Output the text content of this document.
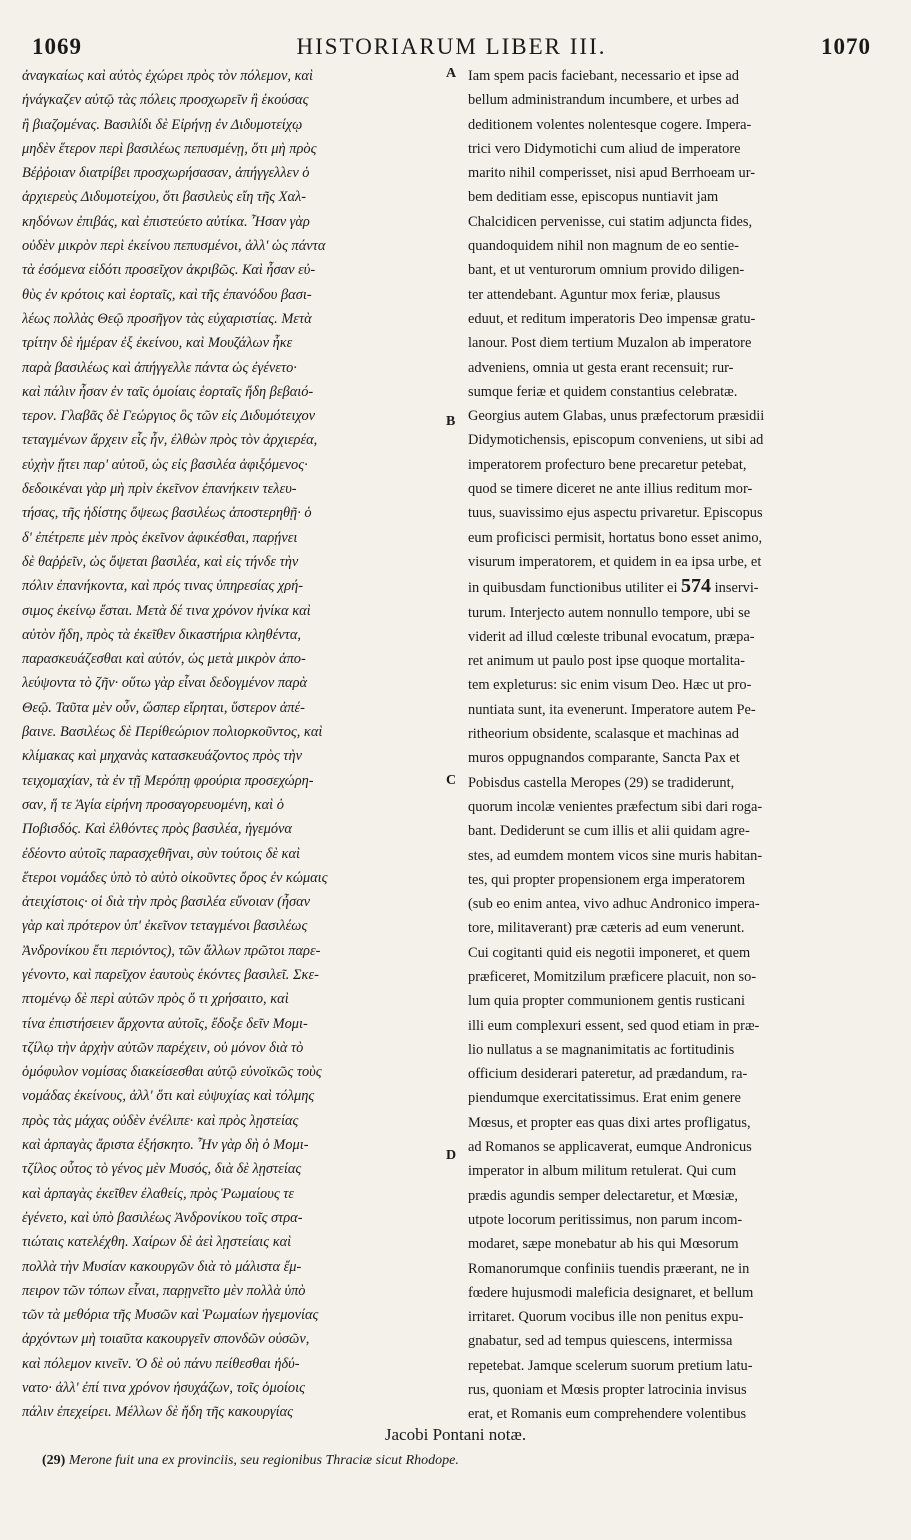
1069	HISTORIARUM LIBER III.	1070
ἀναγκαίως καὶ αὐτὸς ἐχώρει πρὸς τὸν πόλεμον, καὶ
ἠνάγκαζεν αὐτῷ τὰς πόλεις προσχωρεῖν ἢ ἑκούσας
ἢ βιαζομένας. Βασιλίδι δὲ Εἰρήνῃ ἐν Διδυμοτείχῳ
μηδὲν ἕτερον περὶ βασιλέως πεπυσμένῃ, ὅτι μὴ πρὸς
Βέῤῥοιαν διατρίβει προσχωρήσασαν, ἀπήγγελλεν ὁ
ἀρχιερεὺς Διδυμοτείχου, ὅτι βασιλεὺς εἴη τῆς Χαλ-
κηδόνων ἐπιβάς, καὶ ἐπιστεύετο αὐτίκα. Ἦσαν γὰρ
οὐδὲν μικρὸν περὶ ἐκείνου πεπυσμένοι, ἀλλ' ὡς πάντα
τὰ ἐσόμενα εἰδότι προσεῖχον ἀκριβῶς. Καὶ ἦσαν εὐ-
θὺς ἐν κρότοις καὶ ἑορταῖς, καὶ τῆς ἐπανόδου βασι-
λέως πολλὰς Θεῷ προσῆγον τὰς εὐχαριστίας. Μετὰ
τρίτην δὲ ἡμέραν ἐξ ἐκείνου, καὶ Μουζάλων ἧκε
παρὰ βασιλέως καὶ ἀπήγγελλε πάντα ὡς ἐγένετο·
καὶ πάλιν ἦσαν ἐν ταῖς ὁμοίαις ἑορταῖς ἤδη βεβαιό-
τερον. Γλαβᾶς δὲ Γεώργιος ὃς τῶν εἰς Διδυμότειχον
τεταγμένων ἄρχειν εἷς ἦν, ἐλθὼν πρὸς τὸν ἀρχιερέα,
εὐχὴν ᾔτει παρ' αὐτοῦ, ὡς εἰς βασιλέα ἀφιξόμενος·
δεδοικέναι γὰρ μὴ πρὶν ἐκεῖνον ἐπανήκειν τελευ-
τήσας, τῆς ἡδίστης ὄψεως βασιλέως ἀποστερηθῇ· ὁ
δ' ἐπέτρεπε μὲν πρὸς ἐκεῖνον ἀφικέσθαι, παρῄνει
δὲ θαῤῥεῖν, ὡς ὄψεται βασιλέα, καὶ εἰς τήνδε τὴν
πόλιν ἐπανήκοντα, καὶ πρός τινας ὑπηρεσίας χρή-
σιμος ἐκείνῳ ἔσται. Μετὰ δέ τινα χρόνον ἡνίκα καὶ
αὐτὸν ἤδη, πρὸς τὰ ἐκεῖθεν δικαστήρια κληθέντα,
παρασκευάζεσθαι καὶ αὐτόν, ὡς μετὰ μικρὸν ἀπο-
λεύψοντα τὸ ζῆν· οὕτω γὰρ εἶναι δεδογμένον παρὰ
Θεῷ. Ταῦτα μὲν οὖν, ὥσπερ εἴρηται, ὕστερον ἀπέ-
βαινε. Βασιλέως δὲ Περίθεώριον πολιορκοῦντος, καὶ
κλίμακας καὶ μηχανὰς κατασκευάζοντος πρὸς τὴν
τειχομαχίαν, τὰ ἐν τῇ Μερόπῃ φρούρια προσεχώρη-
σαν, ἥ τε Ἁγία εἰρήνη προσαγορευομένη, καὶ ὁ
Ποβισδός. Καὶ ἐλθόντες πρὸς βασιλέα, ἡγεμόνα
ἐδέοντο αὐτοῖς παρασχεθῆναι, σὺν τούτοις δὲ καὶ
ἕτεροι νομάδες ὑπὸ τὸ αὐτὸ οἰκοῦντες ὄρος ἐν κώμαις
ἀτειχίστοις· οἱ διὰ τὴν πρὸς βασιλέα εὔνοιαν (ἦσαν
γὰρ καὶ πρότερον ὑπ' ἐκεῖνον τεταγμένοι βασιλέως
Ἀνδρονίκου ἔτι περιόντος), τῶν ἄλλων πρῶτοι παρε-
γένοντο, καὶ παρεῖχον ἑαυτοὺς ἑκόντες βασιλεῖ. Σκε-
πτομένῳ δὲ περὶ αὐτῶν πρὸς ὅ τι χρήσαιτο, καὶ
τίνα ἐπιστήσειεν ἄρχοντα αὐτοῖς, ἔδοξε δεῖν Μομι-
τζίλῳ τὴν ἀρχὴν αὐτῶν παρέχειν, οὐ μόνον διὰ τὸ
ὁμόφυλον νομίσας διακείσεσθαι αὐτῷ εὐνοϊκῶς τοὺς
νομάδας ἐκείνους, ἀλλ' ὅτι καὶ εὐψυχίας καὶ τόλμης
πρὸς τὰς μάχας οὐδὲν ἐνέλιπε· καὶ πρὸς λῃστείας
καὶ ἁρπαγὰς ἄριστα ἐξήσκητο. Ἦν γὰρ δὴ ὁ Μομι-
τζίλος οὗτος τὸ γένος μὲν Μυσός, διὰ δὲ λῃστείας
καὶ ἁρπαγὰς ἐκεῖθεν ἐλαθείς, πρὸς Ῥωμαίους τε
ἐγένετο, καὶ ὑπὸ βασιλέως Ἀνδρονίκου τοῖς στρα-
τιώταις κατελέχθη. Χαίρων δὲ ἀεὶ λῃστείαις καὶ
πολλὰ τὴν Μυσίαν κακουργῶν διὰ τὸ μάλιστα ἔμ-
πειρον τῶν τόπων εἶναι, παρῃνεῖτο μὲν πολλὰ ὑπὸ
τῶν τὰ μεθόρια τῆς Μυσῶν καὶ Ῥωμαίων ἡγεμονίας
ἀρχόντων μὴ τοιαῦτα κακουργεῖν σπονδῶν οὐσῶν,
καὶ πόλεμον κινεῖν. Ὁ δὲ οὐ πάνυ πείθεσθαι ἠδύ-
νατο· ἀλλ' ἐπί τινα χρόνον ἡσυχάζων, τοῖς ὁμοίοις
πάλιν ἐπεχείρει. Μέλλων δὲ ἤδη τῆς κακουργίας
A
B
C
D
Iam spem pacis faciebant, necessario et ipse ad
bellum administrandum incumbere, et urbes ad
deditionem volentes nolentesque cogere. Impera-
trici vero Didymotichi cum aliud de imperatore
marito nihil comperisset, nisi apud Berrhoeam ur-
bem deditiam esse, episcopus nuntiavit jam
Chalcidicen pervenisse, cui statim adjuncta fides,
quandoquidem nihil non magnum de eo sentie-
bant, et ut venturorum omnium provido diligen-
ter attendebant. Aguntur mox feriæ, plausus
eduut, et reditum imperatoris Deo impensæ gratu-
lanour. Post diem tertium Muzalon ab imperatore
adveniens, omnia ut gesta erant recensuit; rur-
sumque feriæ et quidem constantius celebratæ.
Georgius autem Glabas, unus præfectorum præsidii
Didymotichensis, episcopum conveniens, ut sibi ad
imperatorem profecturo bene precaretur petebat,
quod se timere diceret ne ante illius reditum mor-
tuus, suavissimo ejus aspectu privaretur. Episcopus
eum proficisci permisit, hortatus bono esset animo,
visurum imperatorem, et quidem in ea ipsa urbe, et
in quibusdam functionibus utiliter ei 574 inservi-
turum. Interjecto autem nonnullo tempore, ubi se
viderit ad illud cœleste tribunal evocatum, præpa-
ret animum ut paulo post ipse quoque mortalita-
tem expleturus: sic enim visum Deo. Hæc ut pro-
nuntiata sunt, ita evenerunt. Imperatore autem Pe-
ritheorium obsidente, scalasque et machinas ad
muros oppugnandos comparante, Sancta Pax et
Pobisdus castella Meropes (29) se tradiderunt,
quorum incolæ venientes præfectum sibi dari roga-
bant. Dediderunt se cum illis et alii quidam agre-
stes, ad eumdem montem vicos sine muris habitan-
tes, qui propter propensionem erga imperatorem
(sub eo enim antea, vivo adhuc Andronico impera-
tore, militaverant) præ cæteris ad eum venerunt.
Cui cogitanti quid eis negotii imponeret, et quem
præficeret, Momitzilum præficere placuit, non so-
lum quia propter communionem gentis rusticani
illi eum complexuri essent, sed quod etiam in præ-
lio nullatus a se magnanimitatis ac fortitudinis
officium desiderari pateretur, ad prædandum, ra-
piendumque exercitatissimus. Erat enim genere
Mœsus, et propter eas quas dixi artes profligatus,
ad Romanos se applicaverat, eumque Andronicus
imperator in album militum retulerat. Qui cum
prædis agundis semper delectaretur, et Mœsiæ,
utpote locorum peritissimus, non parum incom-
modaret, sæpe monebatur ab his qui Mœsorum
Romanorumque confiniis tuendis præerant, ne in
fœdere hujusmodi maleficia designaret, et bellum
irritaret. Quorum vocibus ille non penitus expu-
gnabatur, sed ad tempus quiescens, intermissa
repetebat. Jamque scelerum suorum pretium latu-
rus, quoniam et Mœsis propter latrocinia invisus
erat, et Romanis eum comprehendere volentibus
Jacobi Pontani notæ.
(29) Merone fuit una ex provinciis, seu regionibus Thraciæ sicut Rhodope.
